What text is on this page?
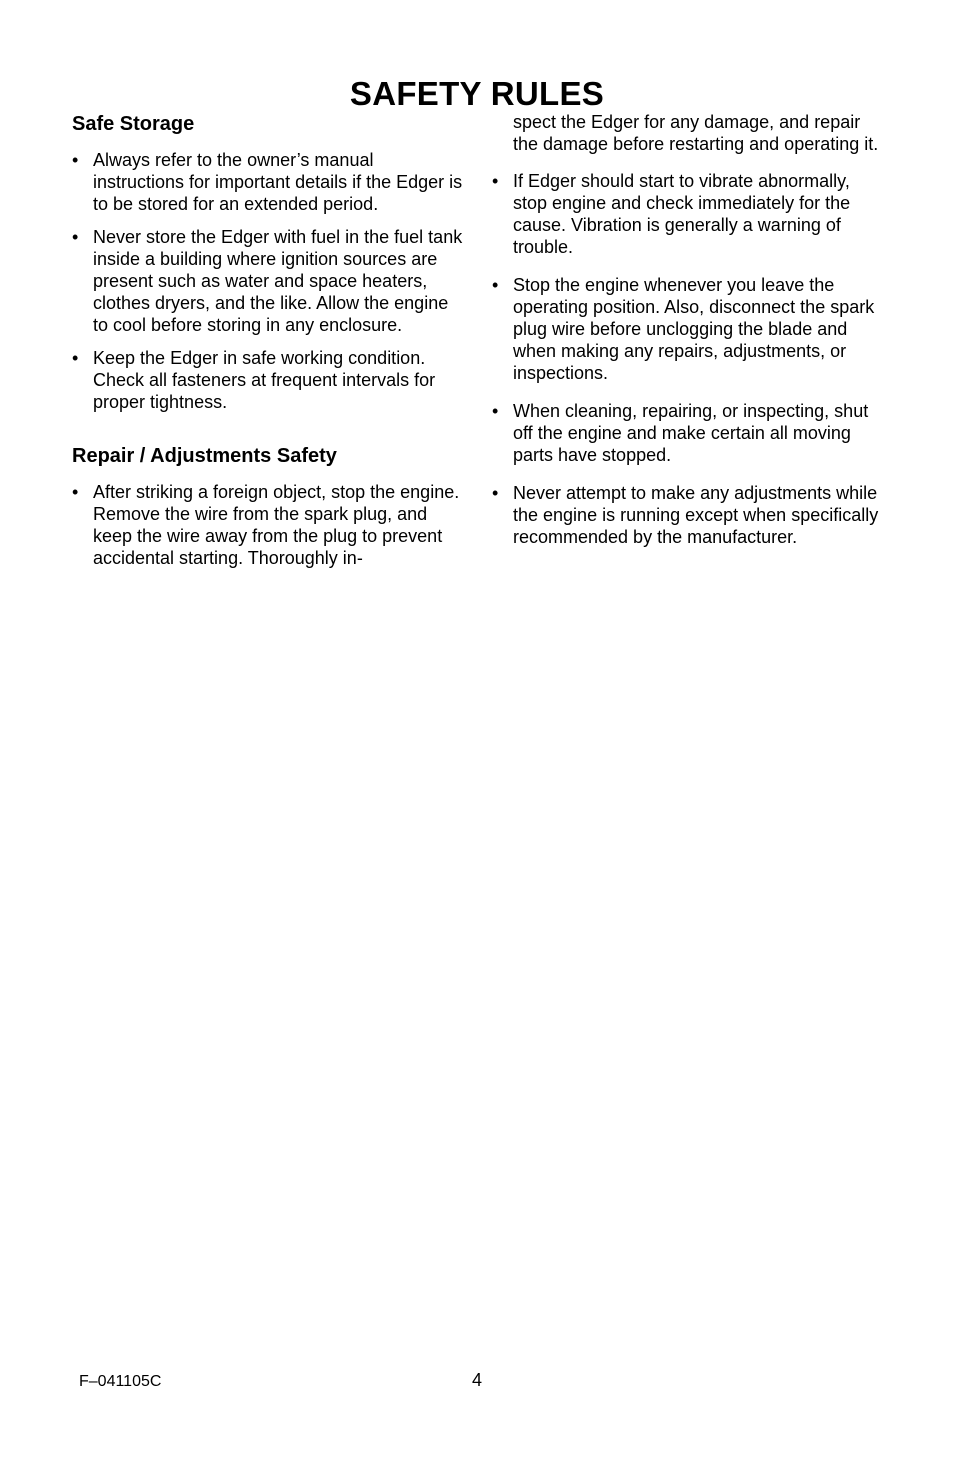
SAFETY RULES
Safe Storage
• Always refer to the owner’s manual instructions for important details if the Edger is to be stored for an extended period.
• Never store the Edger with fuel in the fuel tank inside a building where ignition sources are present such as water and space heaters, clothes dryers, and the like. Allow the engine to cool before storing in any enclosure.
• Keep the Edger in safe working condition. Check all fasteners at frequent intervals for proper tightness.
Repair / Adjustments Safety
• After striking a foreign object, stop the engine. Remove the wire from the spark plug, and keep the wire away from the plug to prevent accidental starting. Thoroughly in-
spect the Edger for any damage, and repair the damage before restarting and operating it.
• If Edger should start to vibrate abnormally, stop engine and check immediately for the cause. Vibration is generally a warning of trouble.
• Stop the engine whenever you leave the operating position. Also, disconnect the spark plug wire before unclogging the blade and when making any repairs, adjustments, or inspections.
• When cleaning, repairing, or inspecting, shut off the engine and make certain all moving parts have stopped.
• Never attempt to make any adjustments while the engine is running except when specifically recommended by the manufacturer.
F–041105C	4
